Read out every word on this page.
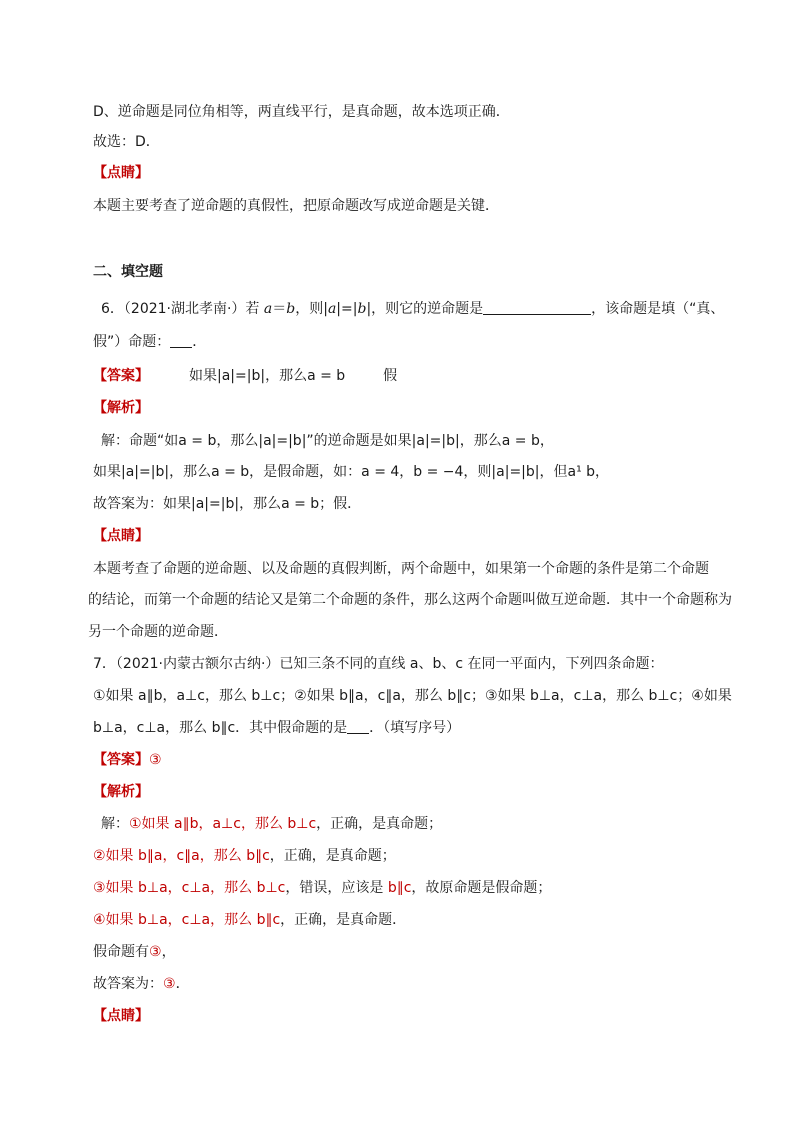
D、逆命题是同位角相等，两直线平行，是真命题，故本选项正确．
故选：D．
【点睛】
本题主要考查了逆命题的真假性，把原命题改写成逆命题是关键．
二、填空题
6．（2021·湖北孝南·）若 a＝b，则|a|=|b|，则它的逆命题是	，该命题是填（“真、
假”）命题： ．
【答案】	如果|a|=|b|，那么a = b	假
【解析】
解：命题“如a = b，那么|a|=|b|”的逆命题是如果|a|=|b|，那么a = b，
如果|a|=|b|，那么a = b，是假命题，如：a = 4，b = −4，则|a|=|b|，但a¹ b，
故答案为：如果|a|=|b|，那么a = b；假．
【点睛】
本题考查了命题的逆命题、以及命题的真假判断，两个命题中，如果第一个命题的条件是第二个命题
的结论，而第一个命题的结论又是第二个命题的条件，那么这两个命题叫做互逆命题．其中一个命题称为
另一个命题的逆命题．
7．（2021·内蒙古额尔古纳·）已知三条不同的直线 a、b、c 在同一平面内，下列四条命题：
①如果 a∥b，a⊥c，那么 b⊥c；②如果 b∥a，c∥a，那么 b∥c；③如果 b⊥a，c⊥a，那么 b⊥c；④如果
b⊥a，c⊥a，那么 b∥c．其中假命题的是 ．（填写序号）
【答案】③
【解析】
解：①如果 a∥b，a⊥c，那么 b⊥c，正确，是真命题；
②如果 b∥a，c∥a，那么 b∥c，正确，是真命题；
③如果 b⊥a，c⊥a，那么 b⊥c，错误，应该是 b∥c，故原命题是假命题；
④如果 b⊥a，c⊥a，那么 b∥c，正确，是真命题．
假命题有③，
故答案为：③．
【点睛】
